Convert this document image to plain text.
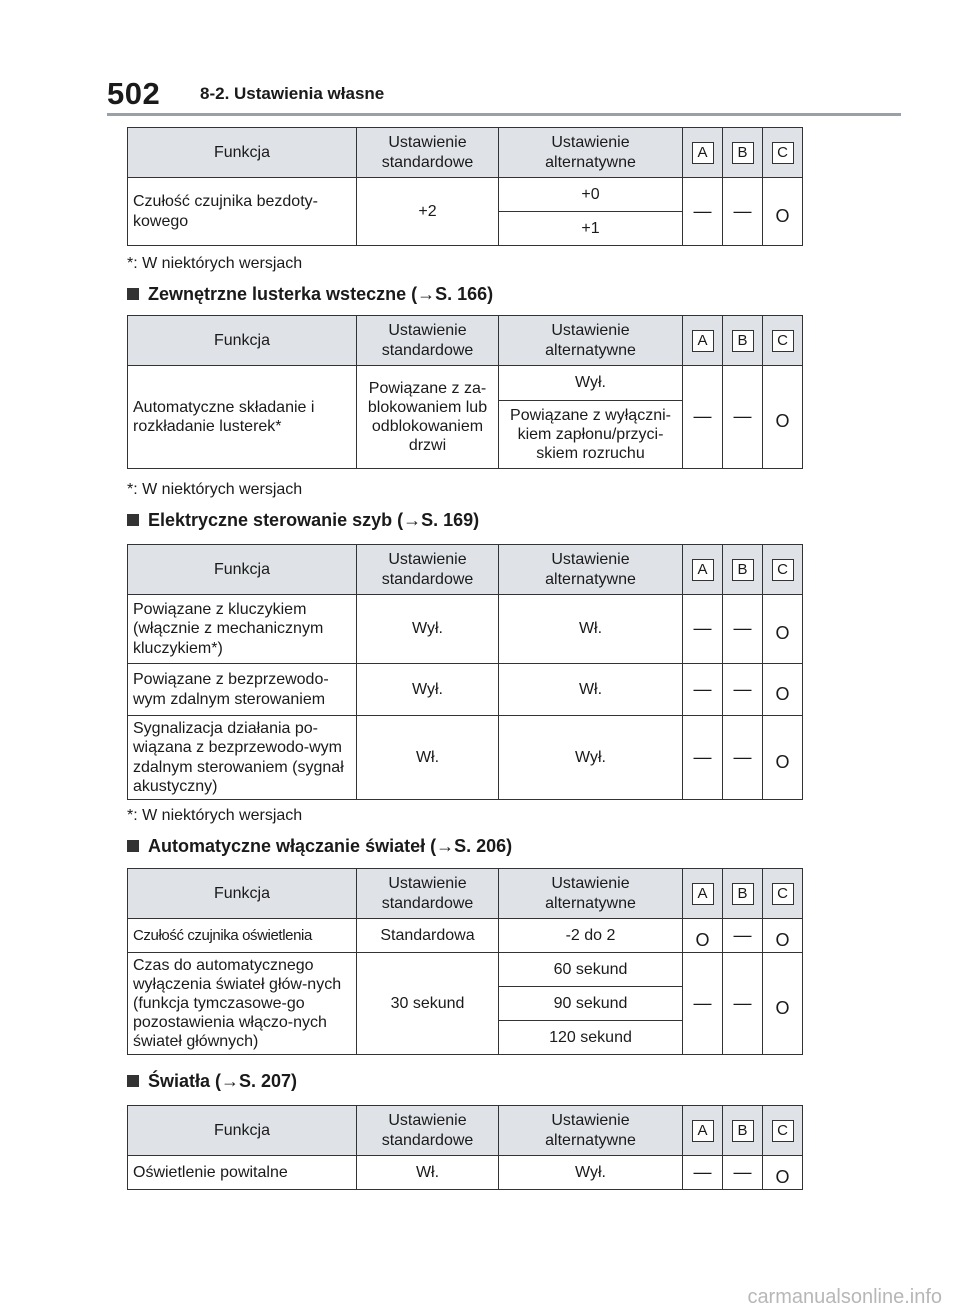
502 8-2. Ustawienia własne
Funkcja	Ustawienie standardowe	Ustawienie alternatywne	A	B	C
Czułość czujnika bezdoty-kowego	+2	+0	—	—	O
		+1			
*: W niektórych wersjach
Zewnętrzne lusterka wsteczne (→S. 166)
Funkcja	Ustawienie standardowe	Ustawienie alternatywne	A	B	C
Automatyczne składanie i rozkładanie lusterek*	Powiązane z za-blokowaniem lub odblokowaniem drzwi	Wył.	—	—	O
		Powiązane z wyłączni-kiem zapłonu/przyci-skiem rozruchu			
*: W niektórych wersjach
Elektryczne sterowanie szyb (→S. 169)
Funkcja	Ustawienie standardowe	Ustawienie alternatywne	A	B	C
Powiązane z kluczykiem (włącznie z mechanicznym kluczykiem*)	Wył.	Wł.	—	—	O
Powiązane z bezprzewodo-wym zdalnym sterowaniem	Wył.	Wł.	—	—	O
Sygnalizacja działania po-wiązana z bezprzewodo-wym zdalnym sterowaniem (sygnał akustyczny)	Wł.	Wył.	—	—	O
*: W niektórych wersjach
Automatyczne włączanie świateł (→S. 206)
Funkcja	Ustawienie standardowe	Ustawienie alternatywne	A	B	C
Czułość czujnika oświetlenia	Standardowa	-2 do 2	O	—	O
Czas do automatycznego wyłączenia świateł głów-nych (funkcja tymczasowe-go pozostawienia włączo-nych świateł głównych)	30 sekund	60 sekund	—	—	O
		90 sekund			
		120 sekund			
Światła (→S. 207)
Funkcja	Ustawienie standardowe	Ustawienie alternatywne	A	B	C
Oświetlenie powitalne	Wł.	Wył.	—	—	O
carmanualsonline.info
